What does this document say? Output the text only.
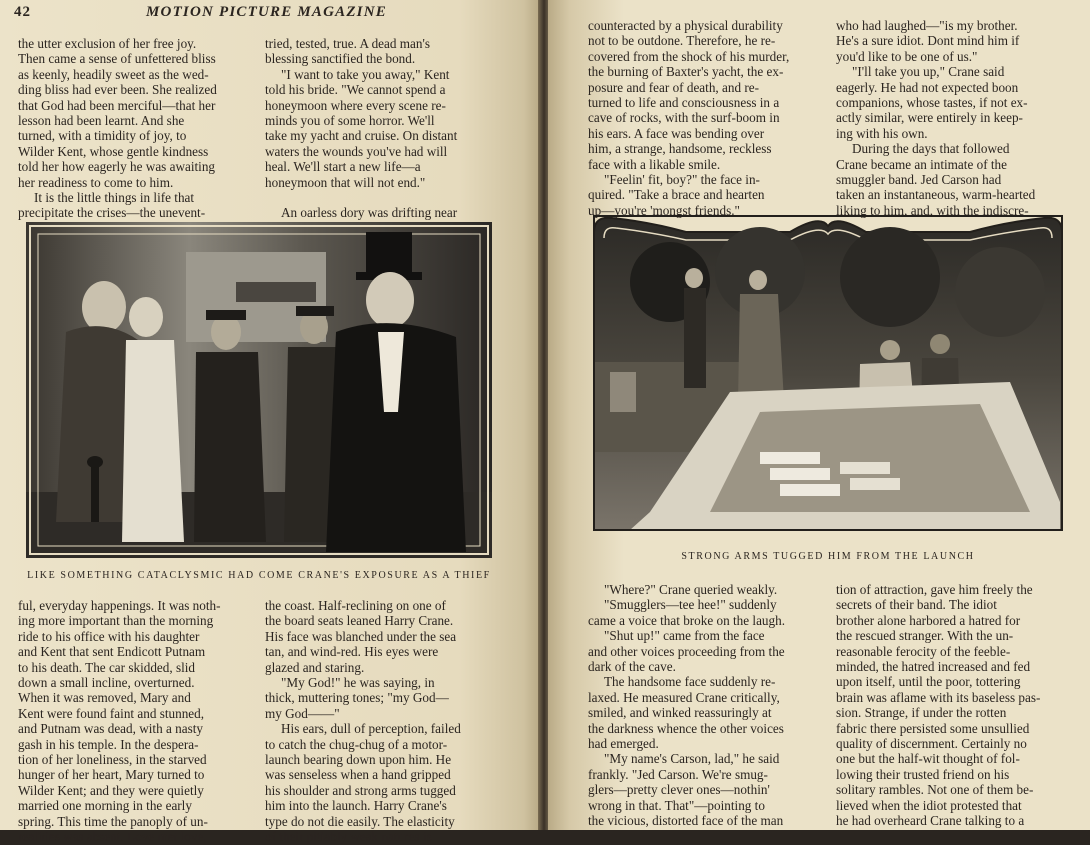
42	MOTION PICTURE MAGAZINE

the utter exclusion of her free joy.

Then came a sense of unfettered bliss

as keenly, headily sweet as the wed-

ding bliss had ever been. She realized

that God had been merciful—that her

lesson had been learnt. And she

turned, with a timidity of joy, to

Wilder Kent, whose gentle kindness

told her how eagerly he was awaiting

her readiness to come to him.

It is the little things in life that

precipitate the crises—the unevent-

tried, tested, true. A dead man's

blessing sanctified the bond.

"I want to take you away," Kent

told his bride. "We cannot spend a

honeymoon where every scene re-

minds you of some horror. We'll

take my yacht and cruise. On distant

waters the wounds you've had will

heal. We'll start a new life—a

honeymoon that will not end."

An oarless dory was drifting near

LIKE SOMETHING CATACLYSMIC HAD COME CRANE'S EXPOSURE AS A THIEF

ful, everyday happenings. It was noth-

ing more important than the morning

ride to his office with his daughter

and Kent that sent Endicott Putnam

to his death. The car skidded, slid

down a small incline, overturned.

When it was removed, Mary and

Kent were found faint and stunned,

and Putnam was dead, with a nasty

gash in his temple. In the despera-

tion of her loneliness, in the starved

hunger of her heart, Mary turned to

Wilder Kent; and they were quietly

married one morning in the early

spring. This time the panoply of un-

realities was absent. Love met love,

the coast. Half-reclining on one of

the board seats leaned Harry Crane.

His face was blanched under the sea

tan, and wind-red. His eyes were

glazed and staring.

"My God!" he was saying, in

thick, muttering tones; "my God—

my God——"

His ears, dull of perception, failed

to catch the chug-chug of a motor-

launch bearing down upon him. He

was senseless when a hand gripped

his shoulder and strong arms tugged

him into the launch. Harry Crane's

type do not die easily. The elasticity

of their pitiably weak natures is

counteracted by a physical durability

not to be outdone. Therefore, he re-

covered from the shock of his murder,

the burning of Baxter's yacht, the ex-

posure and fear of death, and re-

turned to life and consciousness in a

cave of rocks, with the surf-boom in

his ears. A face was bending over

him, a strange, handsome, reckless

face with a likable smile.

"Feelin' fit, boy?" the face in-

quired. "Take a brace and hearten

up—you're 'mongst friends."

who had laughed—"is my brother.

He's a sure idiot. Dont mind him if

you'd like to be one of us."

"I'll take you up," Crane said

eagerly. He had not expected boon

companions, whose tastes, if not ex-

actly similar, were entirely in keep-

ing with his own.

During the days that followed

Crane became an intimate of the

smuggler band. Jed Carson had

taken an instantaneous, warm-hearted

liking to him, and, with the indiscre-

STRONG ARMS TUGGED HIM FROM THE LAUNCH

"Where?" Crane queried weakly.

"Smugglers—tee hee!" suddenly

came a voice that broke on the laugh.

"Shut up!" came from the face

and other voices proceeding from the

dark of the cave.

The handsome face suddenly re-

laxed. He measured Crane critically,

smiled, and winked reassuringly at

the darkness whence the other voices

had emerged.

"My name's Carson, lad," he said

frankly. "Jed Carson. We're smug-

glers—pretty clever ones—nothin'

wrong in that. That"—pointing to

the vicious, distorted face of the man

tion of attraction, gave him freely the

secrets of their band. The idiot

brother alone harbored a hatred for

the rescued stranger. With the un-

reasonable ferocity of the feeble-

minded, the hatred increased and fed

upon itself, until the poor, tottering

brain was aflame with its baseless pas-

sion. Strange, if under the rotten

fabric there persisted some unsullied

quality of discernment. Certainly no

one but the half-wit thought of fol-

lowing their trusted friend on his

solitary rambles. Not one of them be-

lieved when the idiot protested that

he had overheard Crane talking to a
